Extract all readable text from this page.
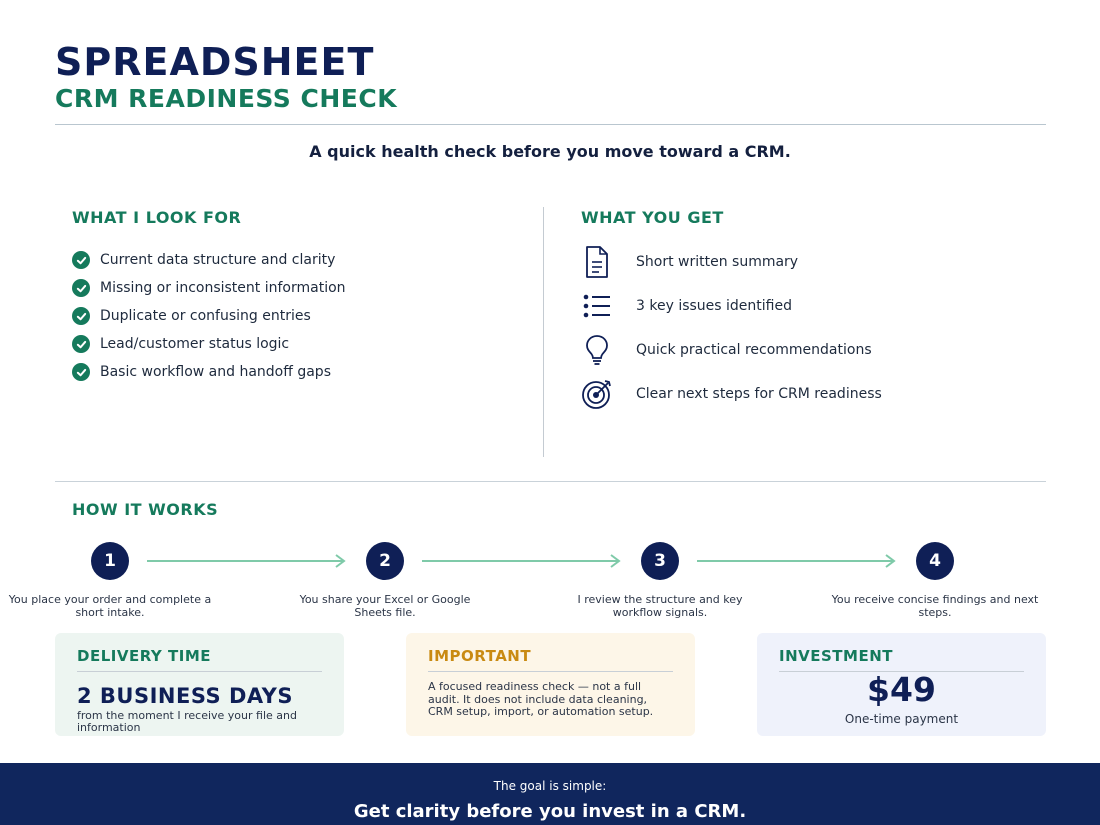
SPREADSHEET
CRM READINESS CHECK
A quick health check before you move toward a CRM.
WHAT I LOOK FOR
Current data structure and clarity
Missing or inconsistent information
Duplicate or confusing entries
Lead/customer status logic
Basic workflow and handoff gaps
WHAT YOU GET
Short written summary
3 key issues identified
Quick practical recommendations
Clear next steps for CRM readiness
HOW IT WORKS
1	2	3	4
You place your order and complete a short intake.
You share your Excel or Google Sheets file.
I review the structure and key workflow signals.
You receive concise findings and next steps.
DELIVERY TIME
2 BUSINESS DAYS
from the moment I receive your file and information
IMPORTANT
A focused readiness check — not a full audit. It does not include data cleaning, CRM setup, import, or automation setup.
INVESTMENT
$49
One-time payment
The goal is simple:
Get clarity before you invest in a CRM.
